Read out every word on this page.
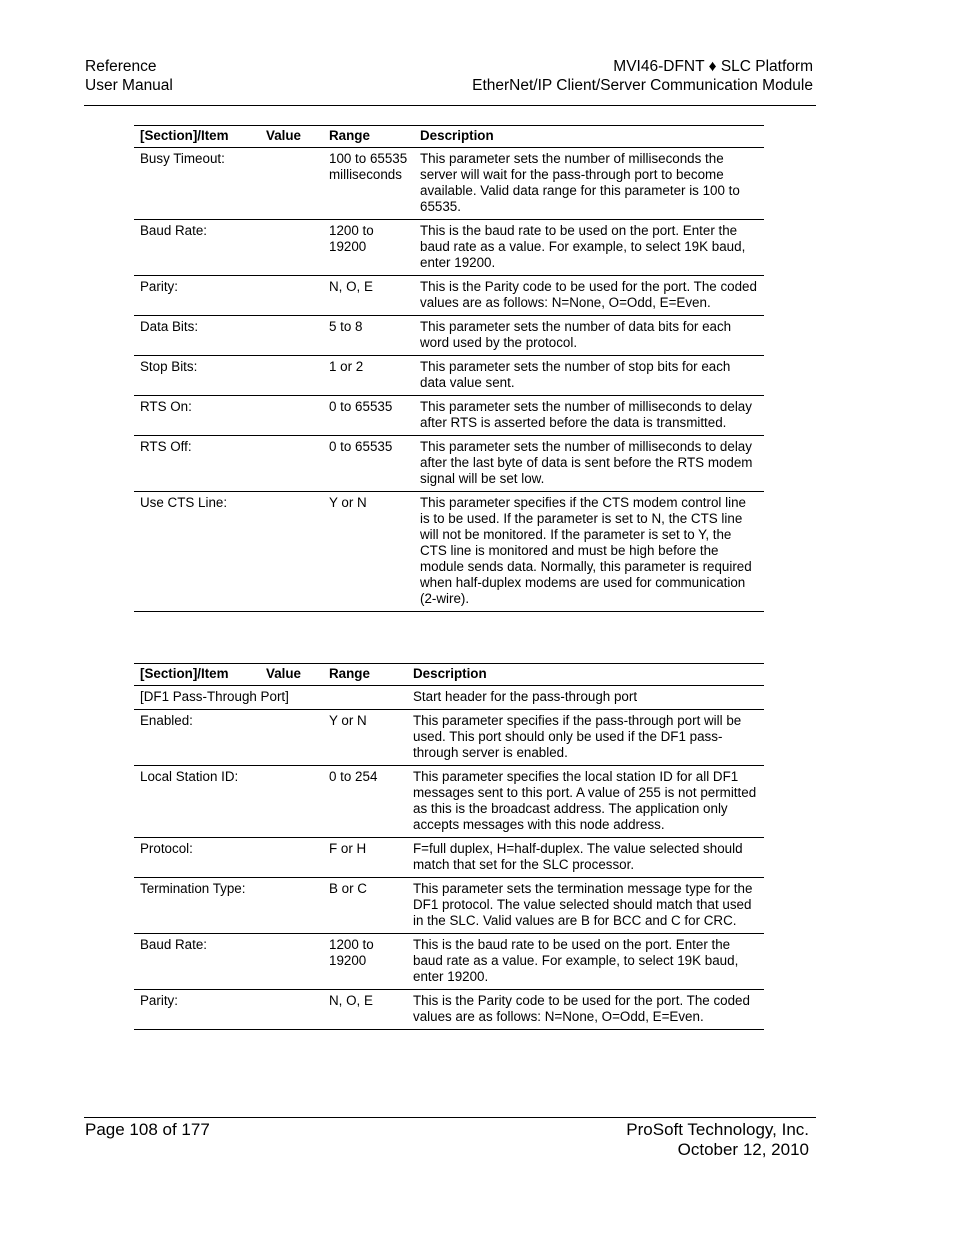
Reference
User Manual
MVI46-DFNT ♦ SLC Platform
EtherNet/IP Client/Server Communication Module
[Section]/Item	Value	Range	Description
Busy Timeout:		100 to 65535 milliseconds	This parameter sets the number of milliseconds the server will wait for the pass-through port to become available. Valid data range for this parameter is 100 to 65535.
Baud Rate:		1200 to 19200	This is the baud rate to be used on the port. Enter the baud rate as a value. For example, to select 19K baud, enter 19200.
Parity:		N, O, E	This is the Parity code to be used for the port. The coded values are as follows: N=None, O=Odd, E=Even.
Data Bits:		5 to 8	This parameter sets the number of data bits for each word used by the protocol.
Stop Bits:		1 or 2	This parameter sets the number of stop bits for each data value sent.
RTS On:		0 to 65535	This parameter sets the number of milliseconds to delay after RTS is asserted before the data is transmitted.
RTS Off:		0 to 65535	This parameter sets the number of milliseconds to delay after the last byte of data is sent before the RTS modem signal will be set low.
Use CTS Line:		Y or N	This parameter specifies if the CTS modem control line is to be used. If the parameter is set to N, the CTS line will not be monitored. If the parameter is set to Y, the CTS line is monitored and must be high before the module sends data. Normally, this parameter is required when half-duplex modems are used for communication (2-wire).
[Section]/Item	Value	Range	Description
[DF1 Pass-Through Port]			Start header for the pass-through port
Enabled:		Y or N	This parameter specifies if the pass-through port will be used. This port should only be used if the DF1 pass-through server is enabled.
Local Station ID:		0 to 254	This parameter specifies the local station ID for all DF1 messages sent to this port. A value of 255 is not permitted as this is the broadcast address. The application only accepts messages with this node address.
Protocol:		F or H	F=full duplex, H=half-duplex. The value selected should match that set for the SLC processor.
Termination Type:		B or C	This parameter sets the termination message type for the DF1 protocol. The value selected should match that used in the SLC. Valid values are B for BCC and C for CRC.
Baud Rate:		1200 to 19200	This is the baud rate to be used on the port. Enter the baud rate as a value. For example, to select 19K baud, enter 19200.
Parity:		N, O, E	This is the Parity code to be used for the port. The coded values are as follows: N=None, O=Odd, E=Even.
Page 108 of 177	ProSoft Technology, Inc.
October 12, 2010
